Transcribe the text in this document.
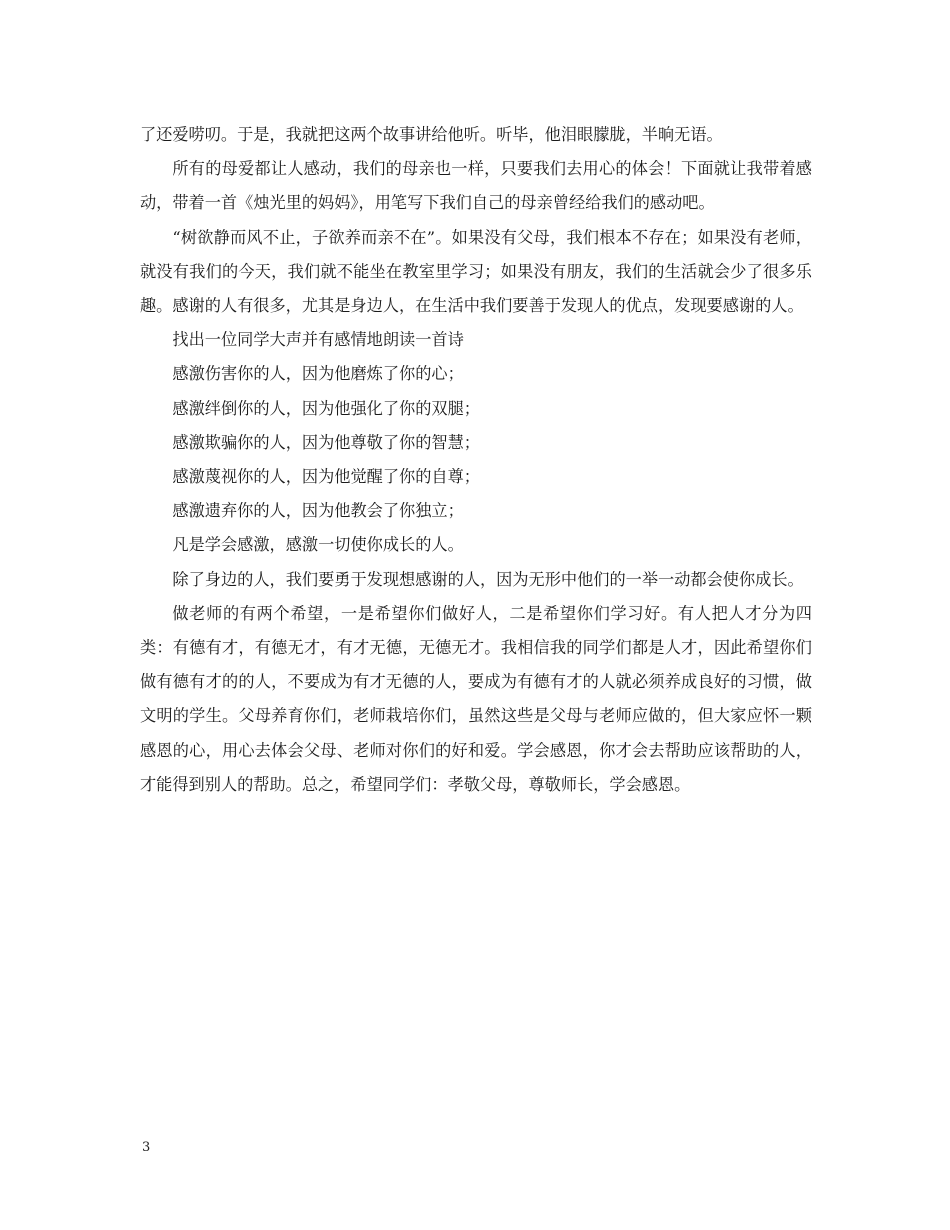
了还爱唠叨。于是，我就把这两个故事讲给他听。听毕，他泪眼朦胧，半晌无语。

所有的母爱都让人感动，我们的母亲也一样，只要我们去用心的体会！下面就让我带着感动，带着一首《烛光里的妈妈》，用笔写下我们自己的母亲曾经给我们的感动吧。

“树欲静而风不止，子欲养而亲不在”。如果没有父母，我们根本不存在；如果没有老师，就没有我们的今天，我们就不能坐在教室里学习；如果没有朋友，我们的生活就会少了很多乐趣。感谢的人有很多，尤其是身边人，在生活中我们要善于发现人的优点，发现要感谢的人。

找出一位同学大声并有感情地朗读一首诗

感激伤害你的人，因为他磨炼了你的心；

感激绊倒你的人，因为他强化了你的双腿；

感激欺骗你的人，因为他尊敬了你的智慧；

感激蔑视你的人，因为他觉醒了你的自尊；

感激遗弃你的人，因为他教会了你独立；

凡是学会感激，感激一切使你成长的人。

除了身边的人，我们要勇于发现想感谢的人，因为无形中他们的一举一动都会使你成长。

做老师的有两个希望，一是希望你们做好人，二是希望你们学习好。有人把人才分为四类：有德有才，有德无才，有才无德，无德无才。我相信我的同学们都是人才，因此希望你们做有德有才的的人，不要成为有才无德的人，要成为有德有才的人就必须养成良好的习惯，做文明的学生。父母养育你们，老师栽培你们，虽然这些是父母与老师应做的，但大家应怀一颗感恩的心，用心去体会父母、老师对你们的好和爱。学会感恩，你才会去帮助应该帮助的人，才能得到别人的帮助。总之，希望同学们：孝敬父母，尊敬师长，学会感恩。

3
